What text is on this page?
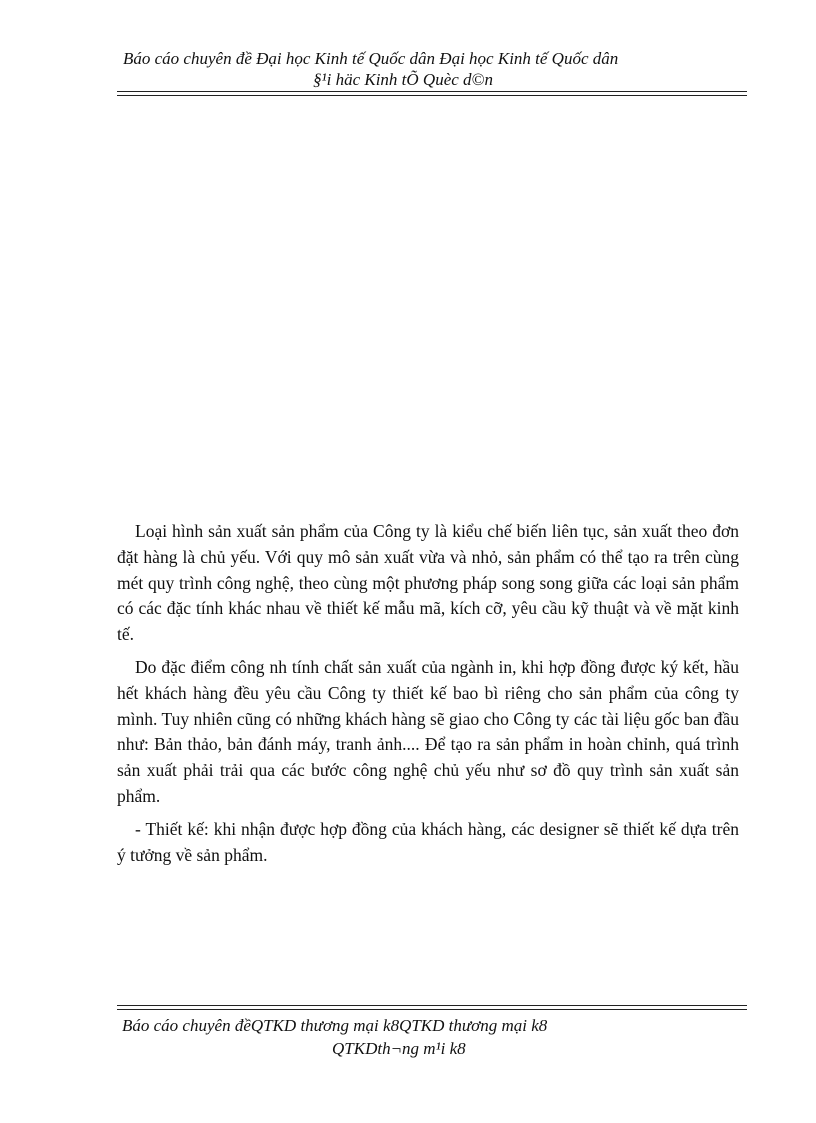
Báo cáo chuyên đề Đại học Kinh tế Quốc dân Đại học Kinh tế Quốc dân
§¹i häc Kinh tÕ Quèc d©n

Loại hình sản xuất sản phẩm của Công ty là kiểu chế biến liên tục, sản xuất theo đơn đặt hàng là chủ yếu. Với quy mô sản xuất vừa và nhỏ, sản phẩm có thể tạo ra trên cùng mét quy trình công nghệ, theo cùng một phương pháp song song giữa các loại sản phẩm có các đặc tính khác nhau về thiết kế mẫu mã, kích cỡ, yêu cầu kỹ thuật và về mặt kinh tế.

Do đặc điểm công nh tính chất sản xuất của ngành in, khi hợp đồng được ký kết, hầu hết khách hàng đều yêu cầu Công ty thiết kế bao bì riêng cho sản phẩm của công ty mình. Tuy nhiên cũng có những khách hàng sẽ giao cho Công ty các tài liệu gốc ban đầu như: Bản thảo, bản đánh máy, tranh ảnh.... Để tạo ra sản phẩm in hoàn chỉnh, quá trình sản xuất phải trải qua các bước công nghệ chủ yếu như sơ đồ quy trình sản xuất sản phẩm.

- Thiết kế: khi nhận được hợp đồng của khách hàng, các designer sẽ thiết kế dựa trên ý tưởng về sản phẩm.

Báo cáo chuyên đềQTKD thương mại k8QTKD thương mại k8
QTKDth¬ng m¹i k8
